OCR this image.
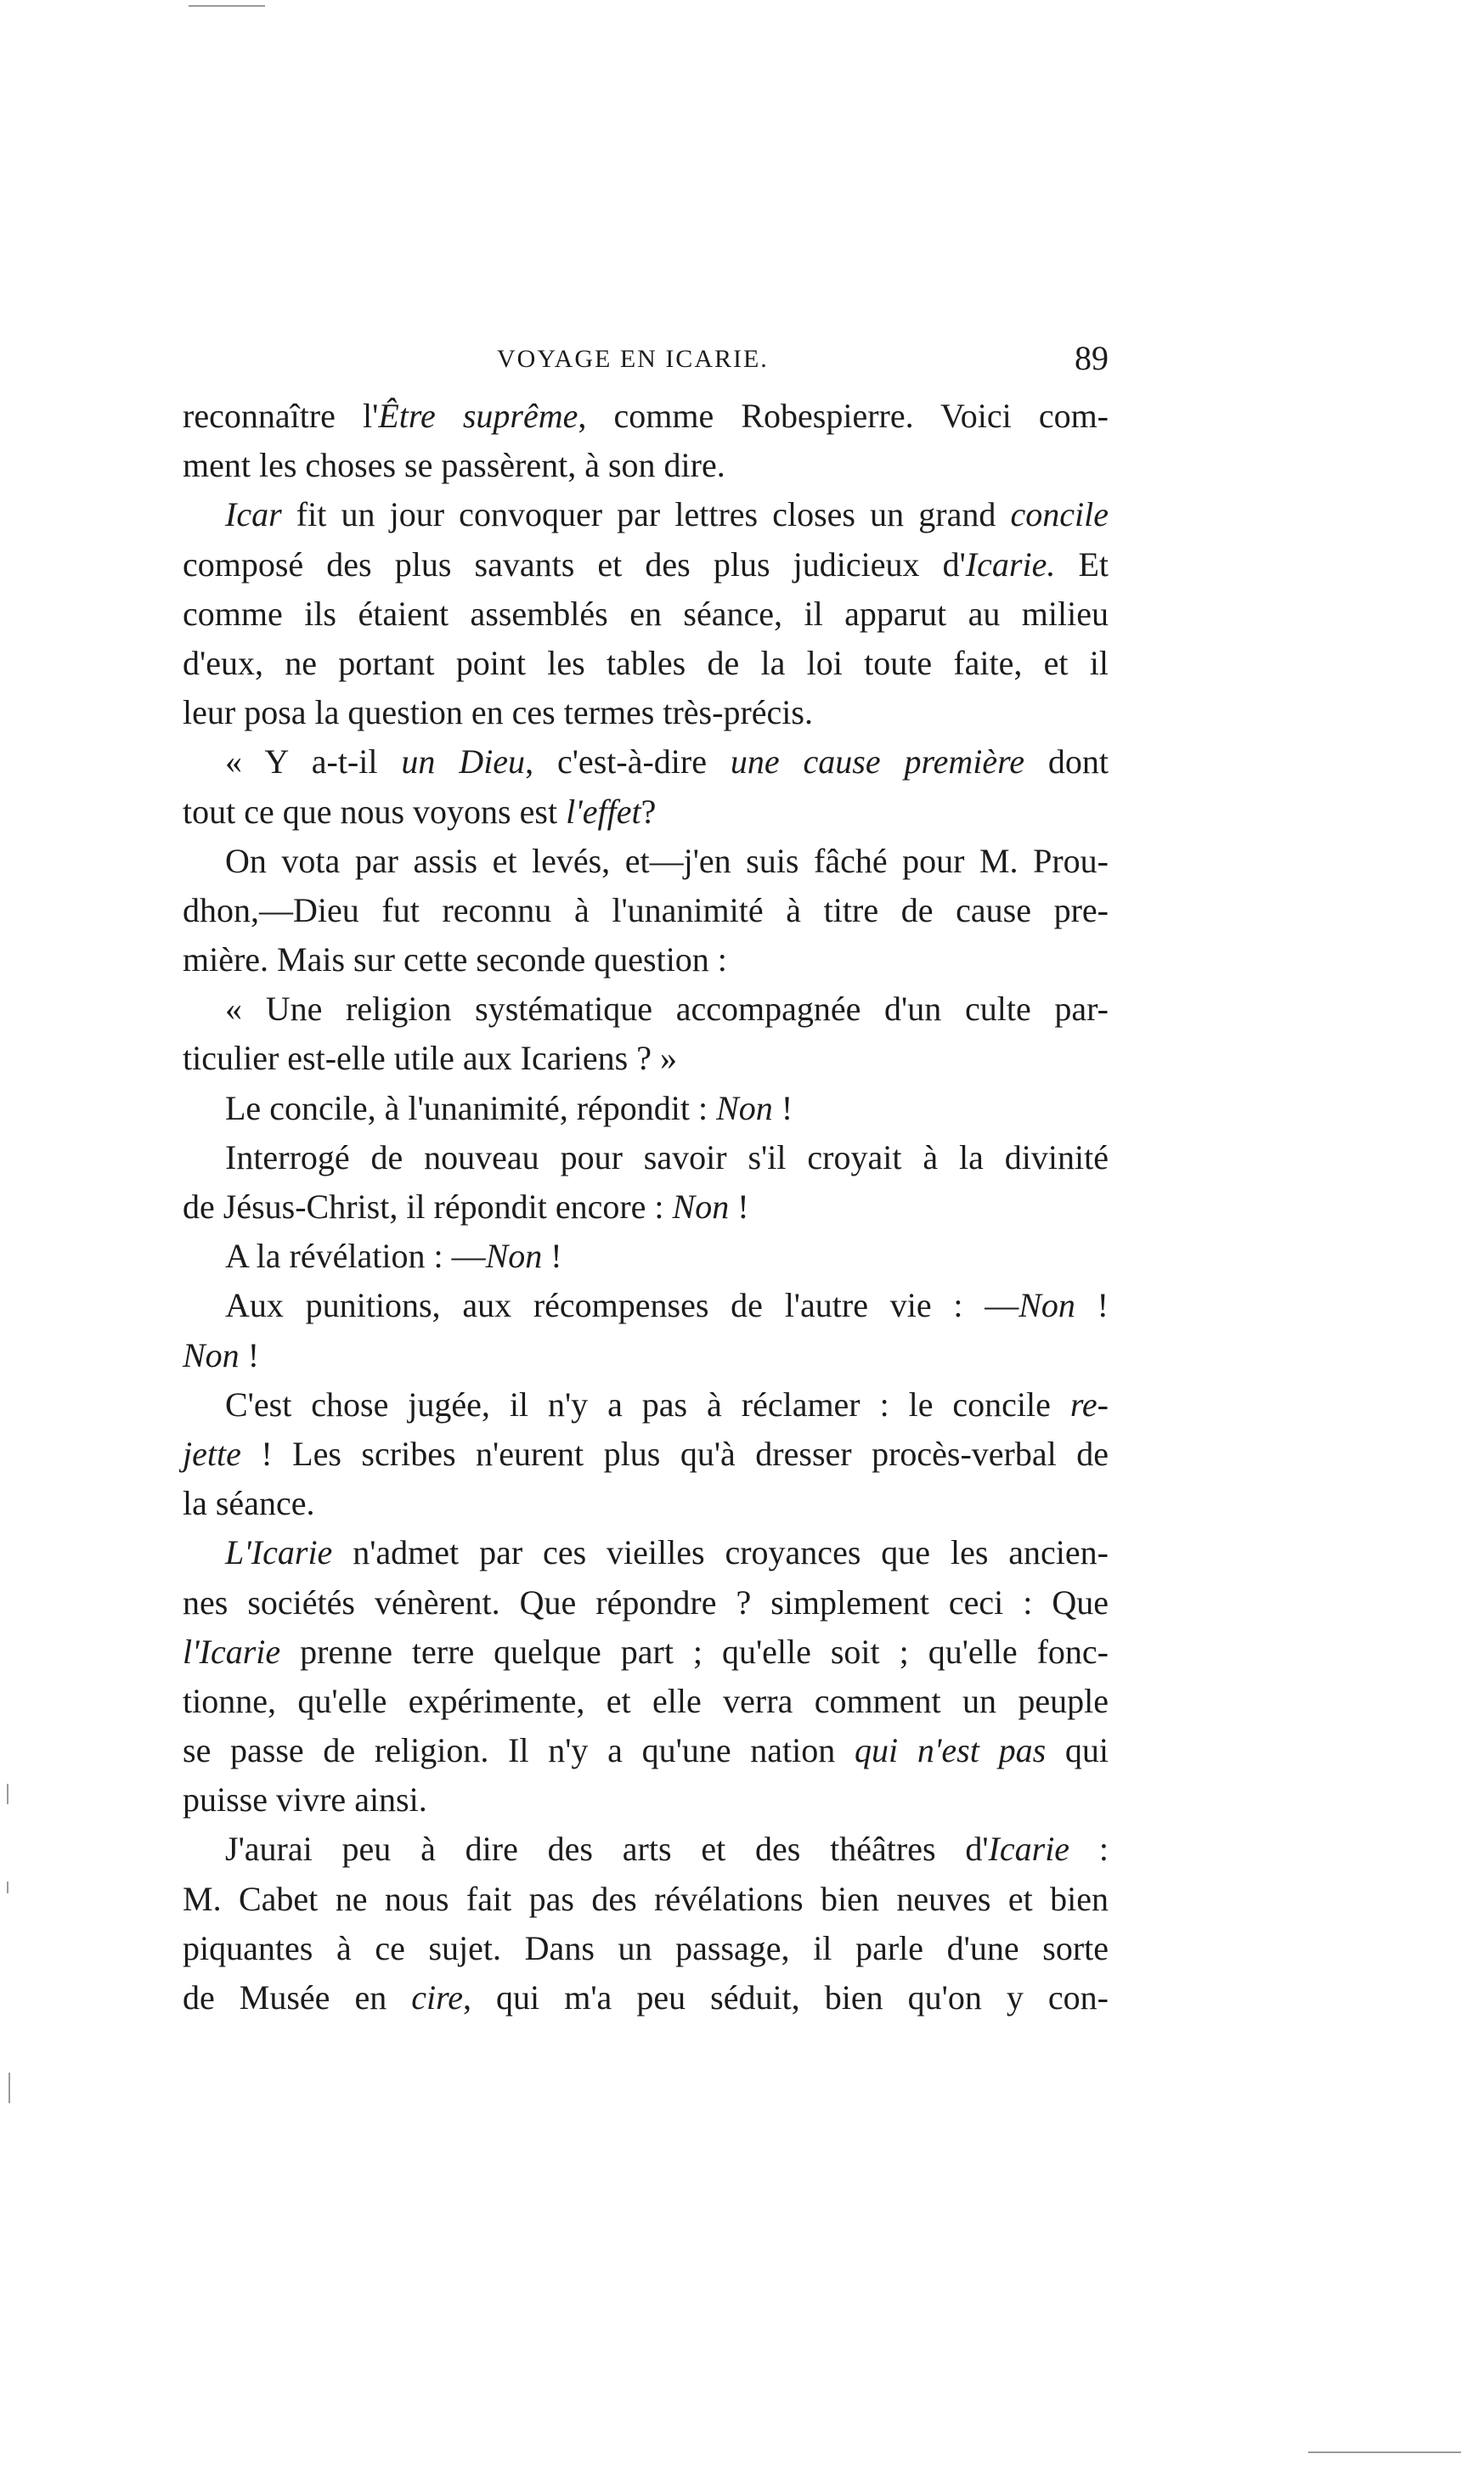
VOYAGE EN ICARIE.	89
reconnaître l'Être suprême, comme Robespierre. Voici com-
ment les choses se passèrent, à son dire.
Icar fit un jour convoquer par lettres closes un grand concile
composé des plus savants et des plus judicieux d'Icarie. Et
comme ils étaient assemblés en séance, il apparut au milieu
d'eux, ne portant point les tables de la loi toute faite, et il
leur posa la question en ces termes très-précis.
« Y a-t-il un Dieu, c'est-à-dire une cause première dont
tout ce que nous voyons est l'effet?
On vota par assis et levés, et—j'en suis fâché pour M. Prou-
dhon,—Dieu fut reconnu à l'unanimité à titre de cause pre-
mière. Mais sur cette seconde question :
« Une religion systématique accompagnée d'un culte par-
ticulier est-elle utile aux Icariens ? »
Le concile, à l'unanimité, répondit : Non !
Interrogé de nouveau pour savoir s'il croyait à la divinité
de Jésus-Christ, il répondit encore : Non !
A la révélation : —Non !
Aux punitions, aux récompenses de l'autre vie : —Non !
Non !
C'est chose jugée, il n'y a pas à réclamer : le concile re-
jette ! Les scribes n'eurent plus qu'à dresser procès-verbal de
la séance.
L'Icarie n'admet par ces vieilles croyances que les ancien-
nes sociétés vénèrent. Que répondre ? simplement ceci : Que
l'Icarie prenne terre quelque part ; qu'elle soit ; qu'elle fonc-
tionne, qu'elle expérimente, et elle verra comment un peuple
se passe de religion. Il n'y a qu'une nation qui n'est pas qui
puisse vivre ainsi.
J'aurai peu à dire des arts et des théâtres d'Icarie :
M. Cabet ne nous fait pas des révélations bien neuves et bien
piquantes à ce sujet. Dans un passage, il parle d'une sorte
de Musée en cire, qui m'a peu séduit, bien qu'on y con-
